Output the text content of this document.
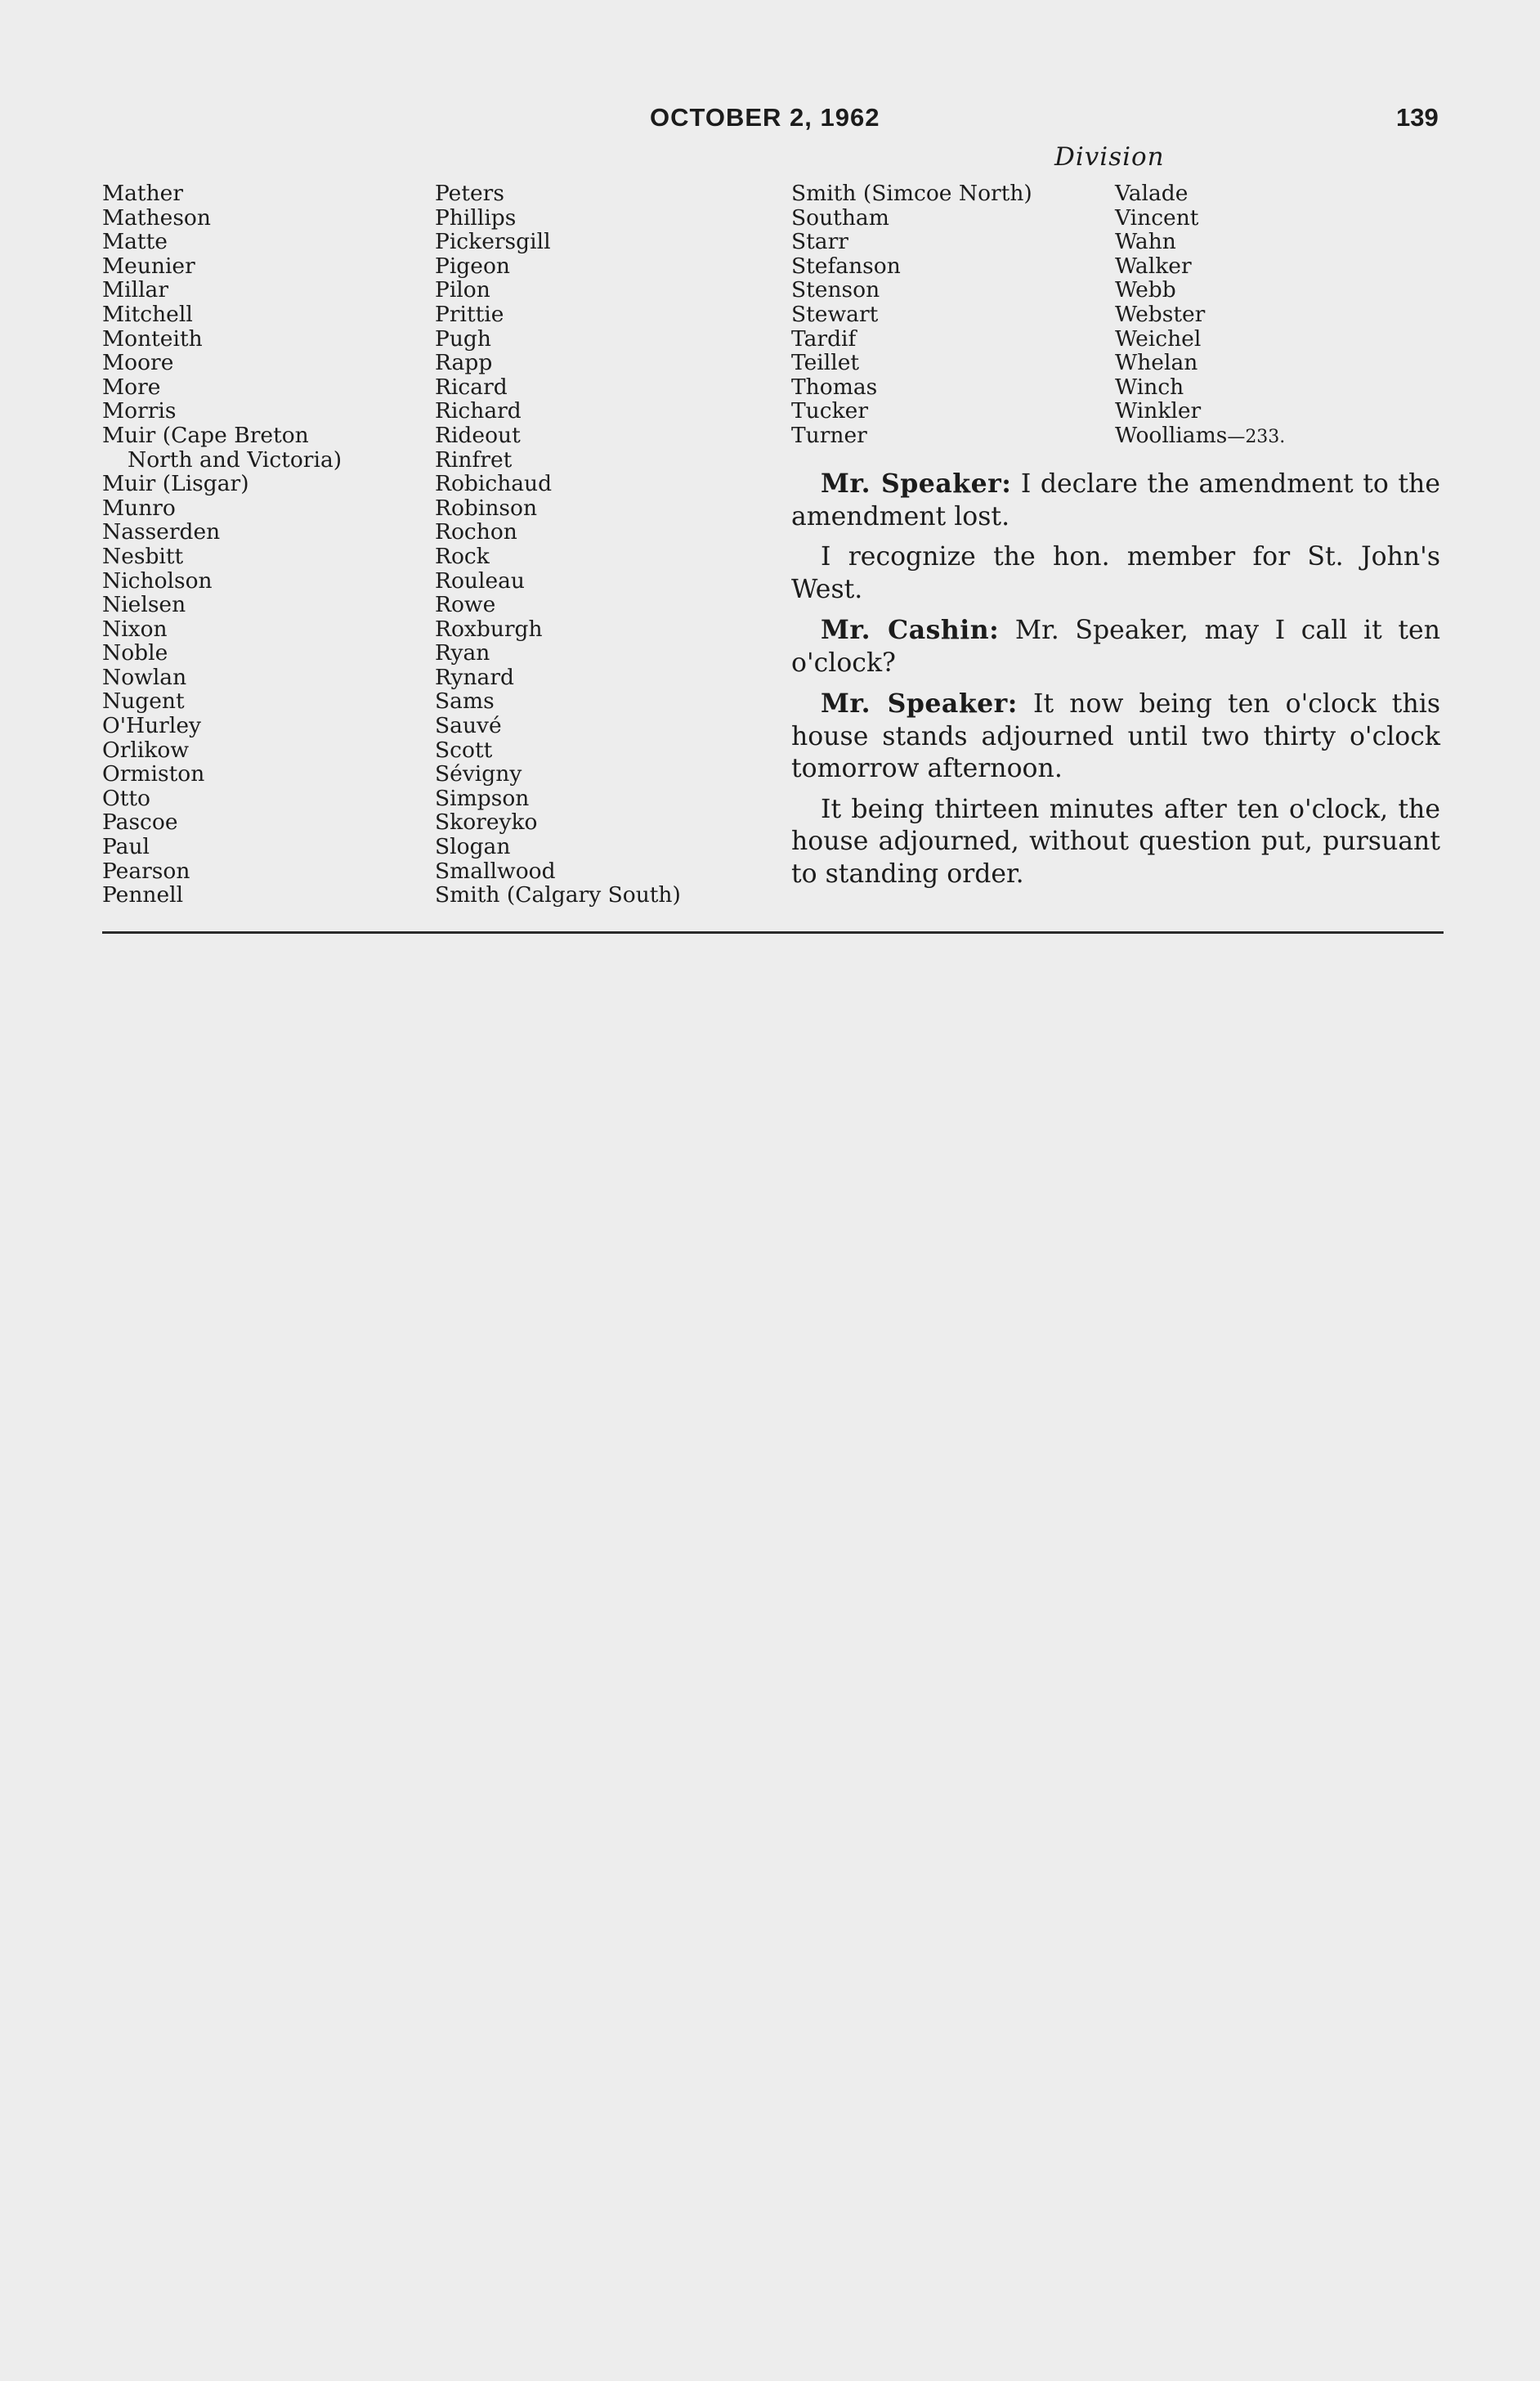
OCTOBER 2, 1962	139
Division
Mather
Matheson
Matte
Meunier
Millar
Mitchell
Monteith
Moore
More
Morris
Muir (Cape Breton
North and Victoria)
Muir (Lisgar)
Munro
Nasserden
Nesbitt
Nicholson
Nielsen
Nixon
Noble
Nowlan
Nugent
O'Hurley
Orlikow
Ormiston
Otto
Pascoe
Paul
Pearson
Pennell
Peters
Phillips
Pickersgill
Pigeon
Pilon
Prittie
Pugh
Rapp
Ricard
Richard
Rideout
Rinfret
Robichaud
Robinson
Rochon
Rock
Rouleau
Rowe
Roxburgh
Ryan
Rynard
Sams
Sauvé
Scott
Sévigny
Simpson
Skoreyko
Slogan
Smallwood
Smith (Calgary South)
Smith (Simcoe North)
Southam
Starr
Stefanson
Stenson
Stewart
Tardif
Teillet
Thomas
Tucker
Turner
Valade
Vincent
Wahn
Walker
Webb
Webster
Weichel
Whelan
Winch
Winkler
Woolliams—233.

Mr. Speaker: I declare the amendment to the amendment lost.

I recognize the hon. member for St. John's West.

Mr. Cashin: Mr. Speaker, may I call it ten o'clock?

Mr. Speaker: It now being ten o'clock this house stands adjourned until two thirty o'clock tomorrow afternoon.

It being thirteen minutes after ten o'clock, the house adjourned, without question put, pursuant to standing order.
